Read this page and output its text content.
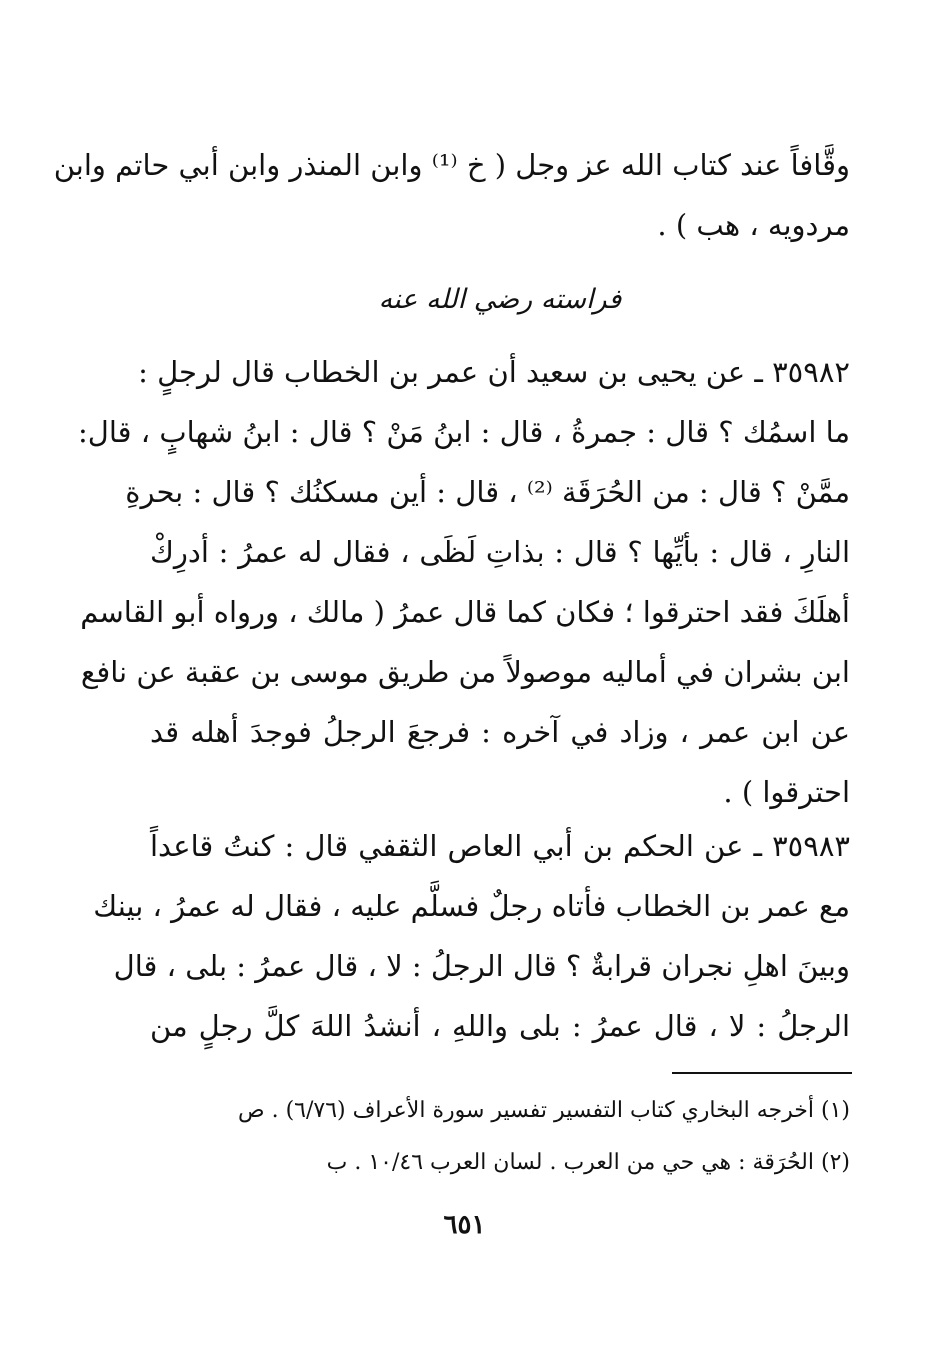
وقَّافاً عند كتاب الله عز وجل ( خ ⁽¹⁾ وابن المنذر وابن أبي حاتم وابن
مردويه ، هب ) .
فراسته رضي الله عنه
٣٥٩٨٢ ـ عن يحيى بن سعيد أن عمر بن الخطاب قال لرجلٍ :
ما اسمُك ؟ قال : جمرةُ ، قال : ابنُ مَنْ ؟ قال : ابنُ شهابٍ ، قال:
ممَّنْ ؟ قال : من الحُرَقَة ⁽²⁾ ، قال : أين مسكنُك ؟ قال : بحرةِ
النارِ ، قال : بأيِّها ؟ قال : بذاتِ لَظَى ، فقال له عمرُ : أدرِكْ
أهلَكَ فقد احترقوا ؛ فكان كما قال عمرُ ( مالك ، ورواه أبو القاسم
ابن بشران في أماليه موصولاً من طريق موسى بن عقبة عن نافع
عن ابن عمر ، وزاد في آخره : فرجعَ الرجلُ فوجدَ أهله قد
احترقوا ) .
٣٥٩٨٣ ـ عن الحكم بن أبي العاص الثقفي قال : كنتُ قاعداً
مع عمر بن الخطاب فأتاه رجلٌ فسلَّم عليه ، فقال له عمرُ ، بينك
وبينَ اهلِ نجران قرابةٌ ؟ قال الرجلُ : لا ، قال عمرُ : بلى ، قال
الرجلُ : لا ، قال عمرُ : بلى واللهِ ، أنشدُ اللهَ كلَّ رجلٍ من
(١) أخرجه البخاري كتاب التفسير تفسير سورة الأعراف (٦/٧٦) . ص
(٢) الحُرَقة : هي حي من العرب . لسان العرب ١٠/٤٦ . ب
٦٥١
